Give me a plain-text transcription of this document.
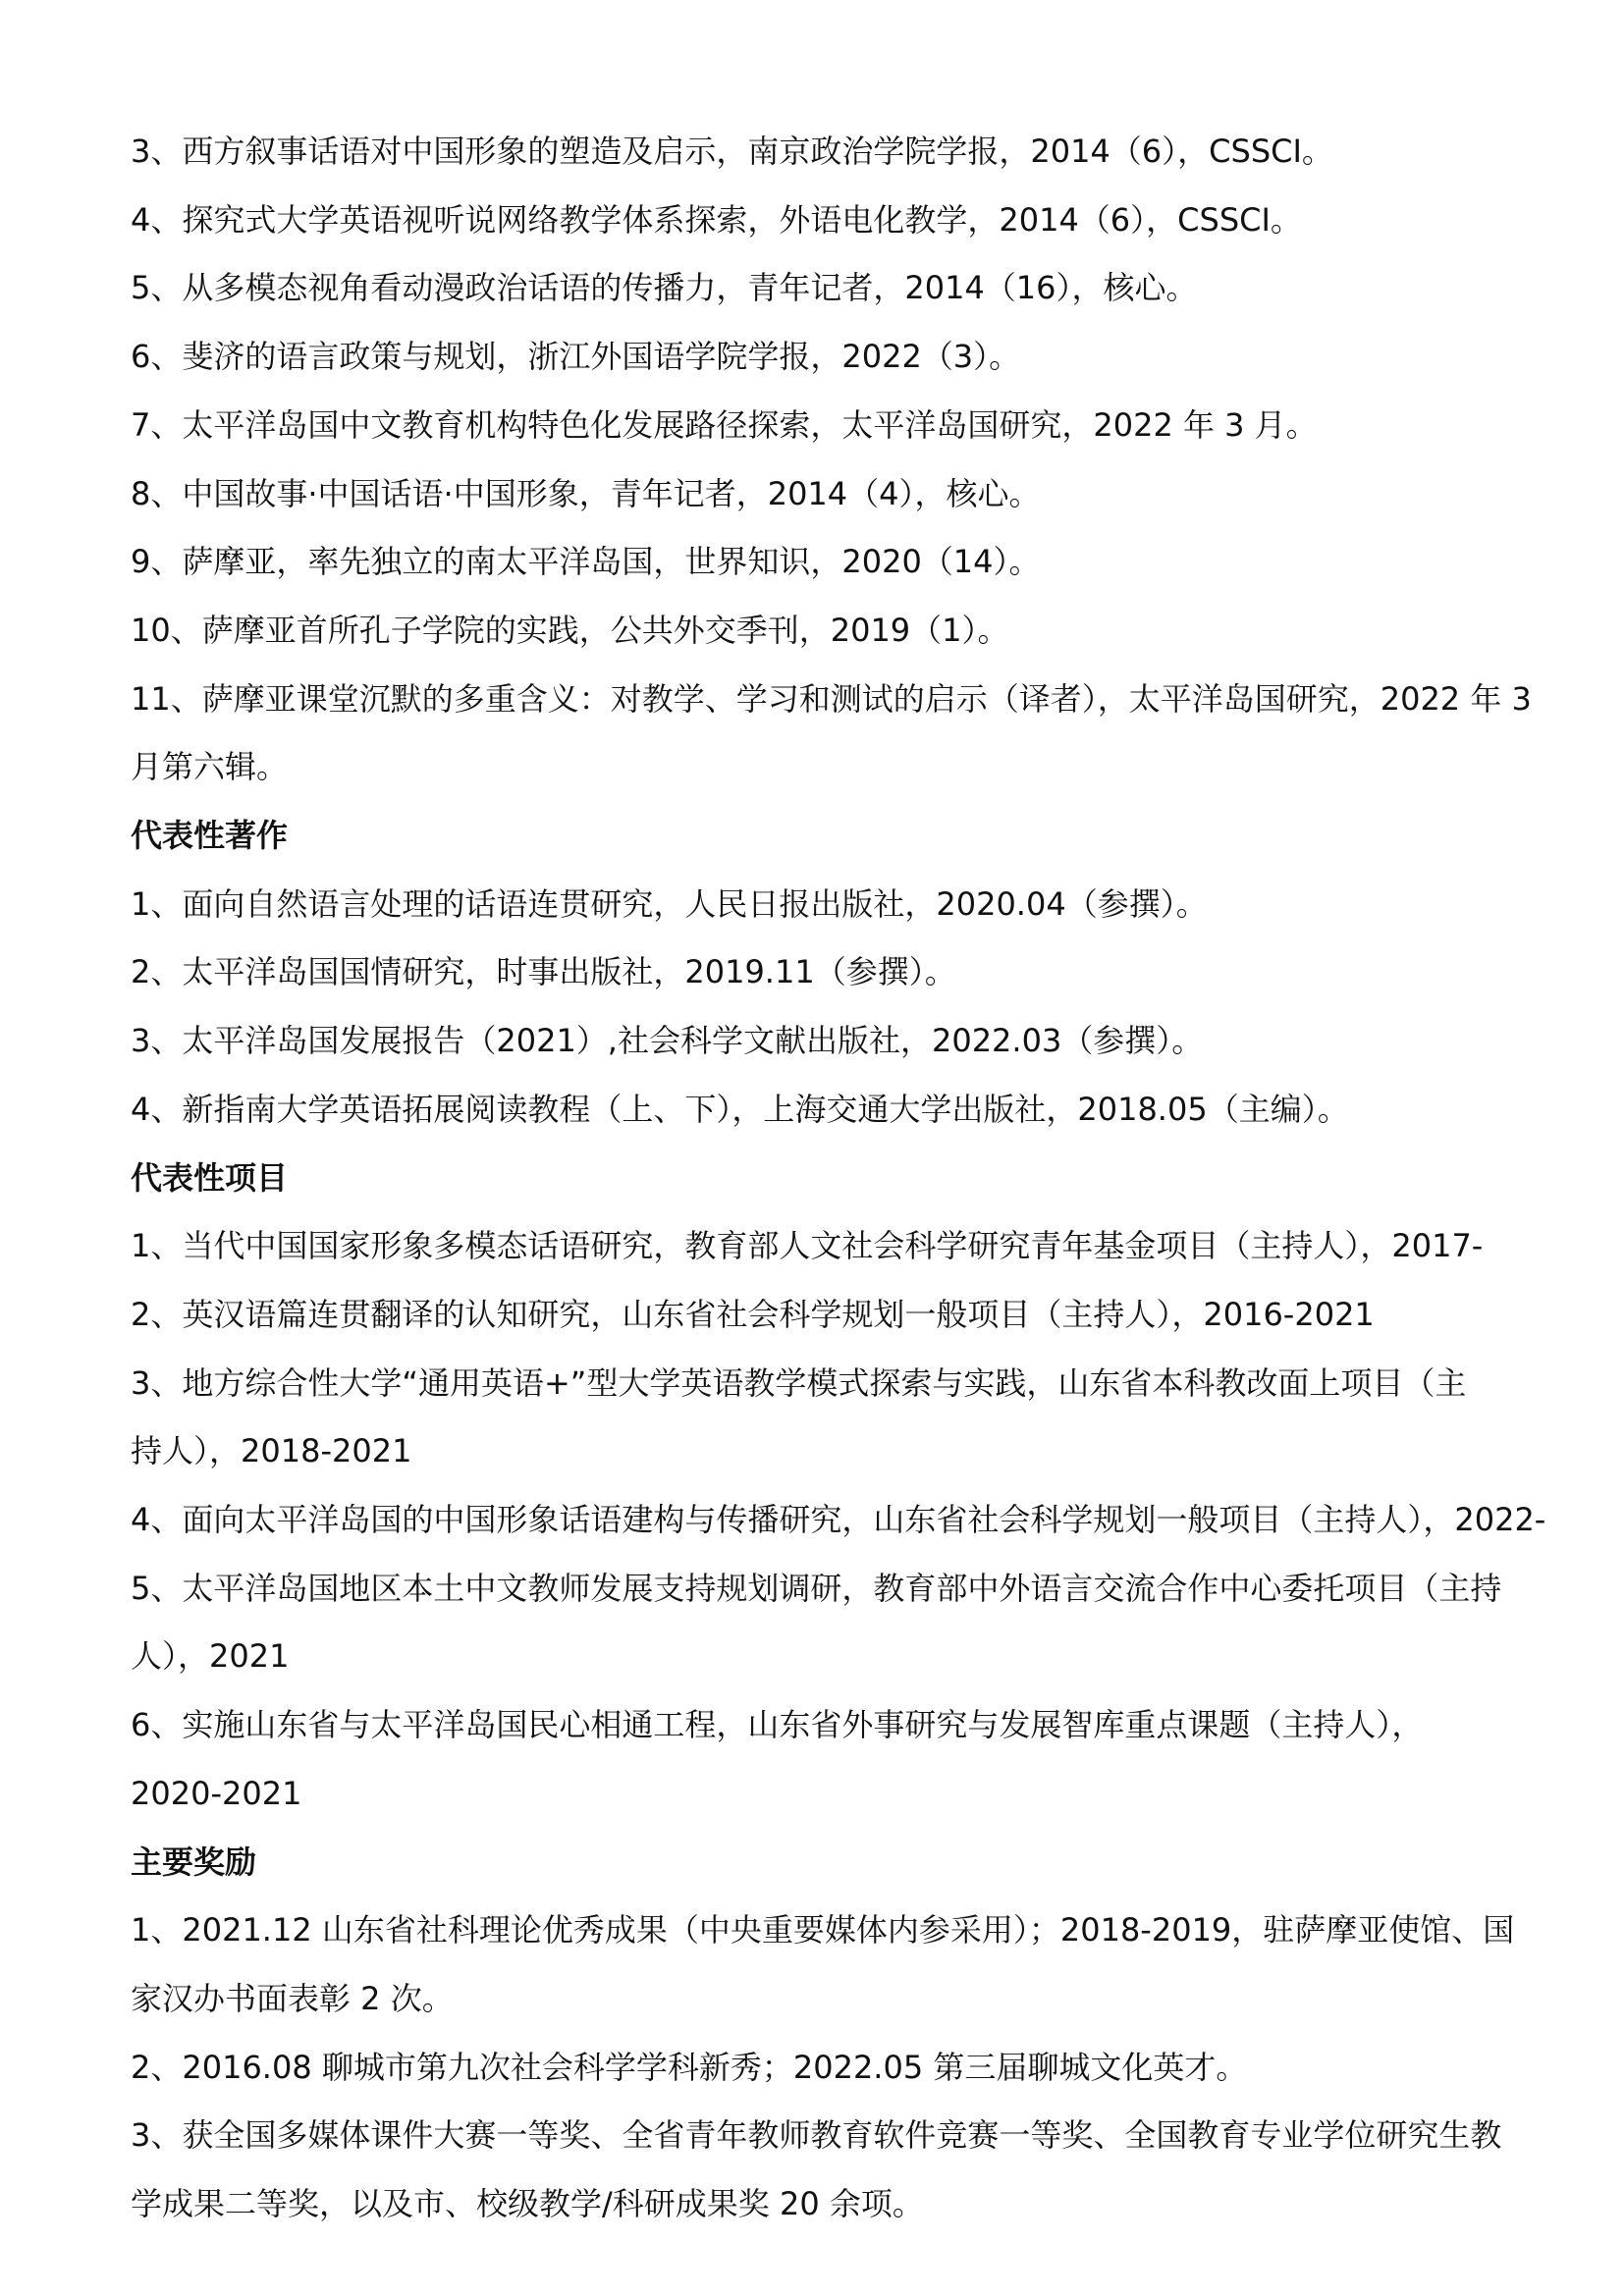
3、西方叙事话语对中国形象的塑造及启示，南京政治学院学报，2014（6），CSSCI。

4、探究式大学英语视听说网络教学体系探索，外语电化教学，2014（6），CSSCI。

5、从多模态视角看动漫政治话语的传播力，青年记者，2014（16），核心。

6、斐济的语言政策与规划，浙江外国语学院学报，2022（3）。

7、太平洋岛国中文教育机构特色化发展路径探索，太平洋岛国研究，2022 年 3 月。

8、中国故事·中国话语·中国形象，青年记者，2014（4），核心。

9、萨摩亚，率先独立的南太平洋岛国，世界知识，2020（14）。

10、萨摩亚首所孔子学院的实践，公共外交季刊，2019（1）。

11、萨摩亚课堂沉默的多重含义：对教学、学习和测试的启示（译者），太平洋岛国研究，2022 年 3

月第六辑。

代表性著作

1、面向自然语言处理的话语连贯研究，人民日报出版社，2020.04（参撰）。

2、太平洋岛国国情研究，时事出版社，2019.11（参撰）。

3、太平洋岛国发展报告（2021）,社会科学文献出版社，2022.03（参撰）。

4、新指南大学英语拓展阅读教程（上、下），上海交通大学出版社，2018.05（主编）。

代表性项目

1、当代中国国家形象多模态话语研究，教育部人文社会科学研究青年基金项目（主持人），2017-

2、英汉语篇连贯翻译的认知研究，山东省社会科学规划一般项目（主持人），2016-2021

3、地方综合性大学“通用英语+”型大学英语教学模式探索与实践，山东省本科教改面上项目（主

持人），2018-2021

4、面向太平洋岛国的中国形象话语建构与传播研究，山东省社会科学规划一般项目（主持人），2022-

5、太平洋岛国地区本土中文教师发展支持规划调研，教育部中外语言交流合作中心委托项目（主持

人），2021

6、实施山东省与太平洋岛国民心相通工程，山东省外事研究与发展智库重点课题（主持人），

2020-2021

主要奖励

1、2021.12 山东省社科理论优秀成果（中央重要媒体内参采用）；2018-2019，驻萨摩亚使馆、国

家汉办书面表彰 2 次。

2、2016.08 聊城市第九次社会科学学科新秀；2022.05 第三届聊城文化英才。

3、获全国多媒体课件大赛一等奖、全省青年教师教育软件竞赛一等奖、全国教育专业学位研究生教

学成果二等奖，以及市、校级教学/科研成果奖 20 余项。
